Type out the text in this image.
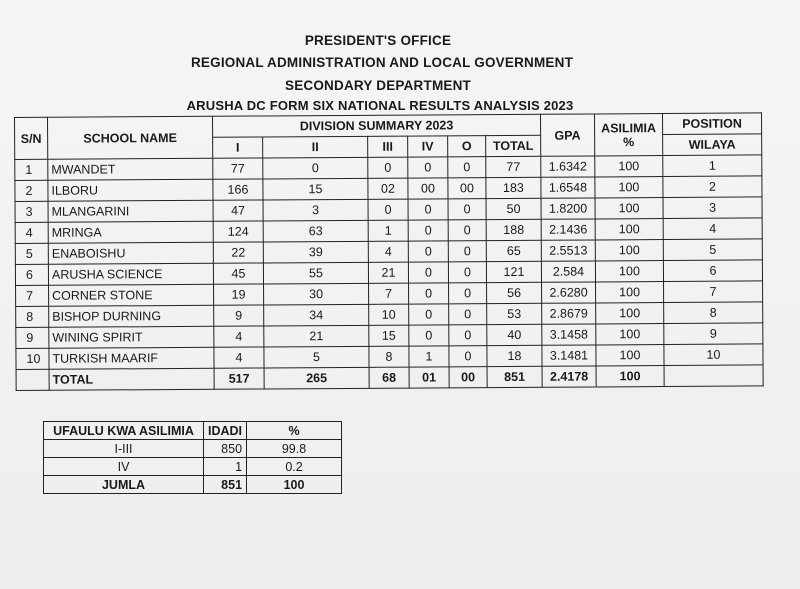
PRESIDENT'S OFFICE
REGIONAL ADMINISTRATION AND LOCAL GOVERNMENT
SECONDARY DEPARTMENT
ARUSHA DC FORM SIX NATIONAL RESULTS ANALYSIS 2023
S/N	SCHOOL NAME	DIVISION SUMMARY 2023						GPA	ASILIMIA
%	POSITION
		I	II	III	IV	O	TOTAL			WILAYA
1	MWANDET	77	0	0	0	0	77	1.6342	100	1
2	ILBORU	166	15	02	00	00	183	1.6548	100	2
3	MLANGARINI	47	3	0	0	0	50	1.8200	100	3
4	MRINGA	124	63	1	0	0	188	2.1436	100	4
5	ENABOISHU	22	39	4	0	0	65	2.5513	100	5
6	ARUSHA SCIENCE	45	55	21	0	0	121	2.584	100	6
7	CORNER STONE	19	30	7	0	0	56	2.6280	100	7
8	BISHOP DURNING	9	34	10	0	0	53	2.8679	100	8
9	WINING SPIRIT	4	21	15	0	0	40	3.1458	100	9
10	TURKISH MAARIF	4	5	8	1	0	18	3.1481	100	10
	TOTAL	517	265	68	01	00	851	2.4178	100	
UFAULU KWA ASILIMIA	IDADI	%
I-III	850	99.8
IV	1	0.2
JUMLA	851	100
